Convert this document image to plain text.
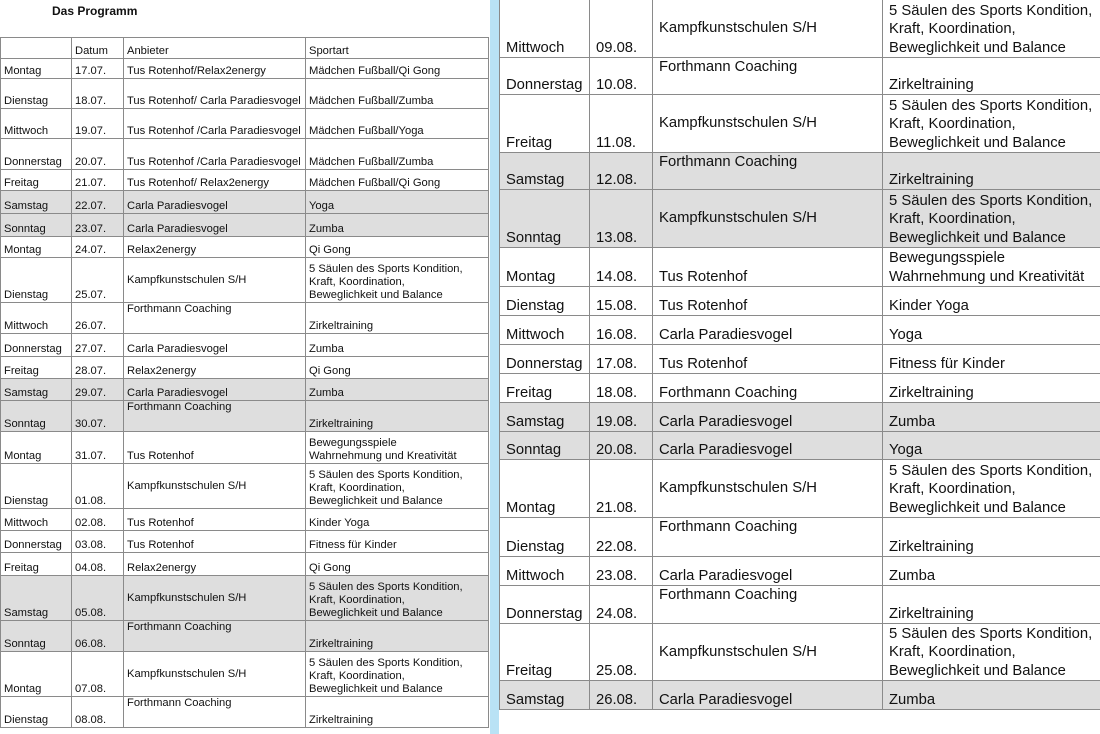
Das Programm
	Datum	Anbieter	Sportart
Montag	17.07.	Tus Rotenhof/Relax2energy	Mädchen Fußball/Qi Gong

Dienstag	18.07.	Tus Rotenhof/ Carla Paradiesvogel	Mädchen Fußball/Zumba

Mittwoch	19.07.	Tus Rotenhof /Carla Paradiesvogel	Mädchen Fußball/Yoga

Donnerstag	20.07.	Tus Rotenhof /Carla Paradiesvogel	Mädchen Fußball/Zumba

Freitag	21.07.	Tus Rotenhof/ Relax2energy	Mädchen Fußball/Qi Gong

Samstag	22.07.	Carla Paradiesvogel	Yoga

Sonntag	23.07.	Carla Paradiesvogel	Zumba

Montag	24.07.	Relax2energy	Qi Gong

Dienstag	25.07.	Kampfkunstschulen S/H	5 Säulen des Sports Kondition,
Kraft, Koordination,
Beweglichkeit und Balance

Mittwoch	26.07.	Forthmann Coaching	Zirkeltraining

Donnerstag	27.07.	Carla Paradiesvogel	Zumba

Freitag	28.07.	Relax2energy	Qi Gong

Samstag	29.07.	Carla Paradiesvogel	Zumba

Sonntag	30.07.	Forthmann Coaching	Zirkeltraining

Montag	31.07.	Tus Rotenhof	Bewegungsspiele
Wahrnehmung und Kreativität

Dienstag	01.08.	Kampfkunstschulen S/H	5 Säulen des Sports Kondition,
Kraft, Koordination,
Beweglichkeit und Balance

Mittwoch	02.08.	Tus Rotenhof	Kinder Yoga

Donnerstag	03.08.	Tus Rotenhof	Fitness für Kinder

Freitag	04.08.	Relax2energy	Qi Gong

Samstag	05.08.	Kampfkunstschulen S/H	5 Säulen des Sports Kondition,
Kraft, Koordination,
Beweglichkeit und Balance

Sonntag	06.08.	Forthmann Coaching	Zirkeltraining

Montag	07.08.	Kampfkunstschulen S/H	5 Säulen des Sports Kondition,
Kraft, Koordination,
Beweglichkeit und Balance

Dienstag	08.08.	Forthmann Coaching	Zirkeltraining
Mittwoch	09.08.	Kampfkunstschulen S/H	5 Säulen des Sports Kondition,
Kraft, Koordination,
Beweglichkeit und Balance

Donnerstag	10.08.	Forthmann Coaching	Zirkeltraining

Freitag	11.08.	Kampfkunstschulen S/H	5 Säulen des Sports Kondition,
Kraft, Koordination,
Beweglichkeit und Balance

Samstag	12.08.	Forthmann Coaching	Zirkeltraining

Sonntag	13.08.	Kampfkunstschulen S/H	5 Säulen des Sports Kondition,
Kraft, Koordination,
Beweglichkeit und Balance

Montag	14.08.	Tus Rotenhof	Bewegungsspiele
Wahrnehmung und Kreativität

Dienstag	15.08.	Tus Rotenhof	Kinder Yoga

Mittwoch	16.08.	Carla Paradiesvogel	Yoga

Donnerstag	17.08.	Tus Rotenhof	Fitness für Kinder

Freitag	18.08.	Forthmann Coaching	Zirkeltraining

Samstag	19.08.	Carla Paradiesvogel	Zumba

Sonntag	20.08.	Carla Paradiesvogel	Yoga

Montag	21.08.	Kampfkunstschulen S/H	5 Säulen des Sports Kondition,
Kraft, Koordination,
Beweglichkeit und Balance

Dienstag	22.08.	Forthmann Coaching	Zirkeltraining

Mittwoch	23.08.	Carla Paradiesvogel	Zumba

Donnerstag	24.08.	Forthmann Coaching	Zirkeltraining

Freitag	25.08.	Kampfkunstschulen S/H	5 Säulen des Sports Kondition,
Kraft, Koordination,
Beweglichkeit und Balance

Samstag	26.08.	Carla Paradiesvogel	Zumba
